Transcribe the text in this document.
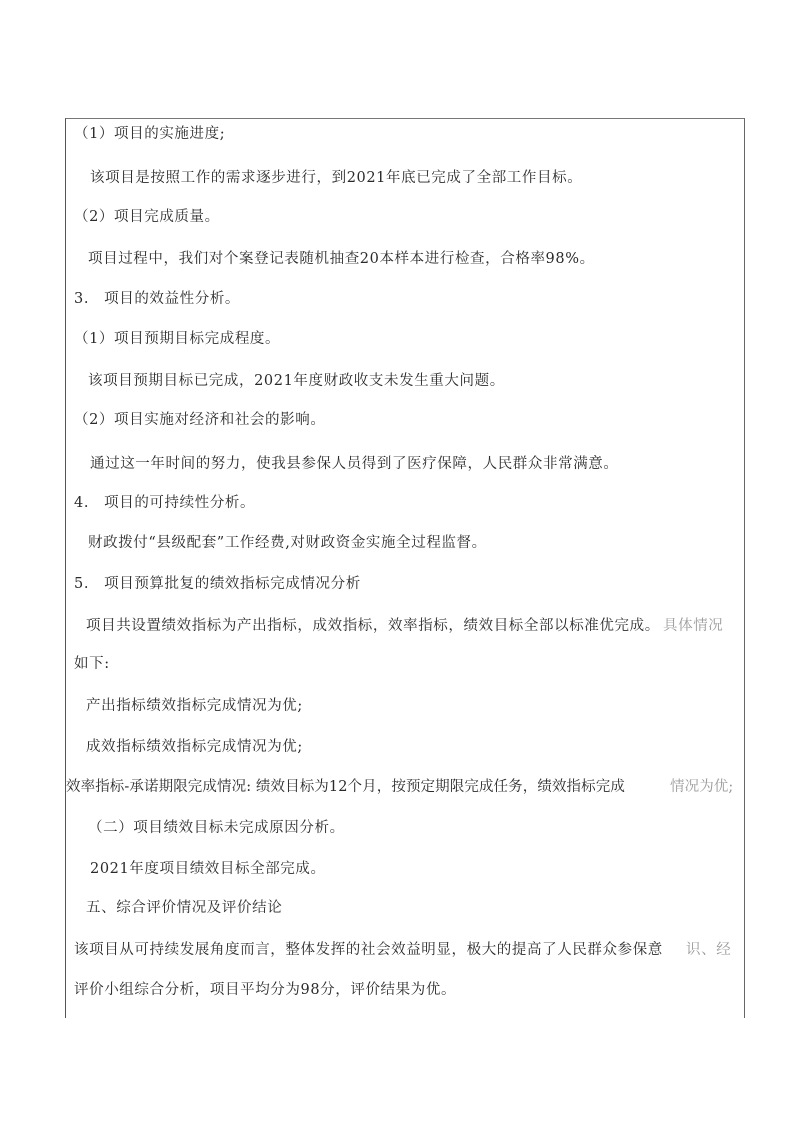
（1）项目的实施进度;
该项目是按照工作的需求逐步进行，到2021年底已完成了全部工作目标。
（2）项目完成质量。
项目过程中，我们对个案登记表随机抽查20本样本进行检查，合格率98%。
3.　项目的效益性分析。
（1）项目预期目标完成程度。
该项目预期目标已完成，2021年度财政收支未发生重大问题。
（2）项目实施对经济和社会的影响。
通过这一年时间的努力，使我县参保人员得到了医疗保障，人民群众非常满意。
4.　项目的可持续性分析。
财政拨付“县级配套”工作经费,对财政资金实施全过程监督。
5.　项目预算批复的绩效指标完成情况分析
项目共设置绩效指标为产出指标，成效指标，效率指标，绩效目标全部以标准优完成。 具体情况
如下:
产出指标绩效指标完成情况为优;
成效指标绩效指标完成情况为优;
效率指标-承诺期限完成情况: 绩效目标为12个月，按预定期限完成任务，绩效指标完成	情况为优;
（二）项目绩效目标未完成原因分析。
2021年度项目绩效目标全部完成。
五、综合评价情况及评价结论
该项目从可持续发展角度而言，整体发挥的社会效益明显，极大的提高了人民群众参保意 识、经
评价小组综合分析，项目平均分为98分，评价结果为优。
